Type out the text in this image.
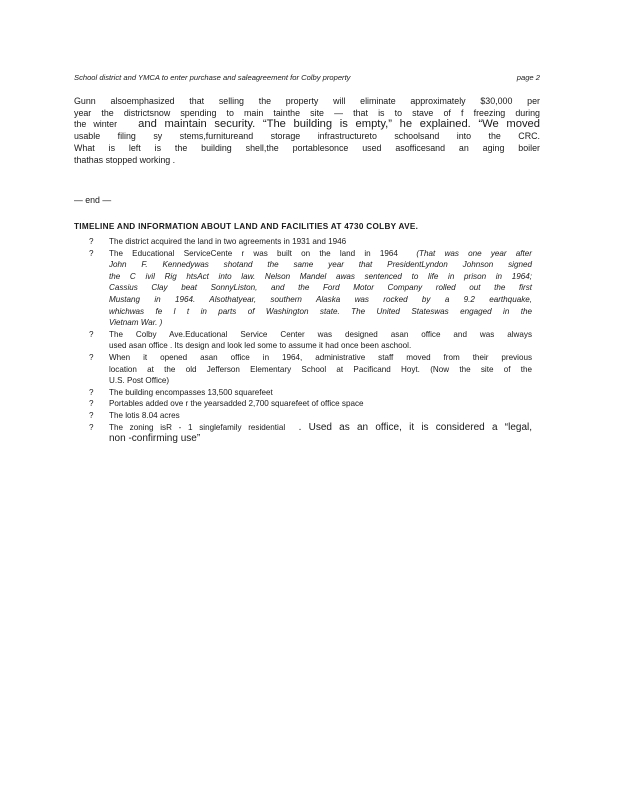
School district and YMCA to enter purchase and saleagreement for Colby property	page 2

Gunn alsoemphasized that selling the property will eliminate approximately $30,000 per

year the districtsnow spending to main tainthe site — that is to stave of f freezing during

the winter and maintain security. “The building is empty,” he explained. “We moved

usable filing sy stems,furnitureand storage infrastructureto schoolsand into the CRC.

What is left is the building shell,the portablesonce used asofficesand an aging boiler

thathas stopped working .

— end —
TIMELINE AND INFORMATION ABOUT LAND AND FACILITIES AT 4730 COLBY AVE.
?	The district acquired the land in two agreements in 1931 and 1946
?	The Educational ServiceCente r was built on the land in 1964 (That was one year after
John F. Kennedywas shotand the same year that PresidentLyndon Johnson signed
the C ivil Rig htsAct into law. Nelson Mandel awas sentenced to life in prison in 1964;
Cassius Clay beat SonnyListon, and the Ford Motor Company rolled out the first
Mustang in 1964. Alsothatyear, southern Alaska was rocked by a 9.2 earthquake,
whichwas fe l t in parts of Washington state. The United Stateswas engaged in the
Vietnam War. )
?	The Colby Ave.Educational Service Center was designed asan office and was always
used asan office . Its design and look led some to assume it had once been aschool.
?	When it opened asan office in 1964, administrative staff moved from their previous
location at the old Jefferson Elementary School at Pacificand Hoyt. (Now the site of the
U.S. Post Office)
?	The building encompasses 13,500 squarefeet
?	Portables added ove r the yearsadded 2,700 squarefeet of office space
?	The lotis 8.04 acres
?	The zoning isR - 1 singlefamily residential . Used as an office, it is considered a “legal,
non -confirming use”
